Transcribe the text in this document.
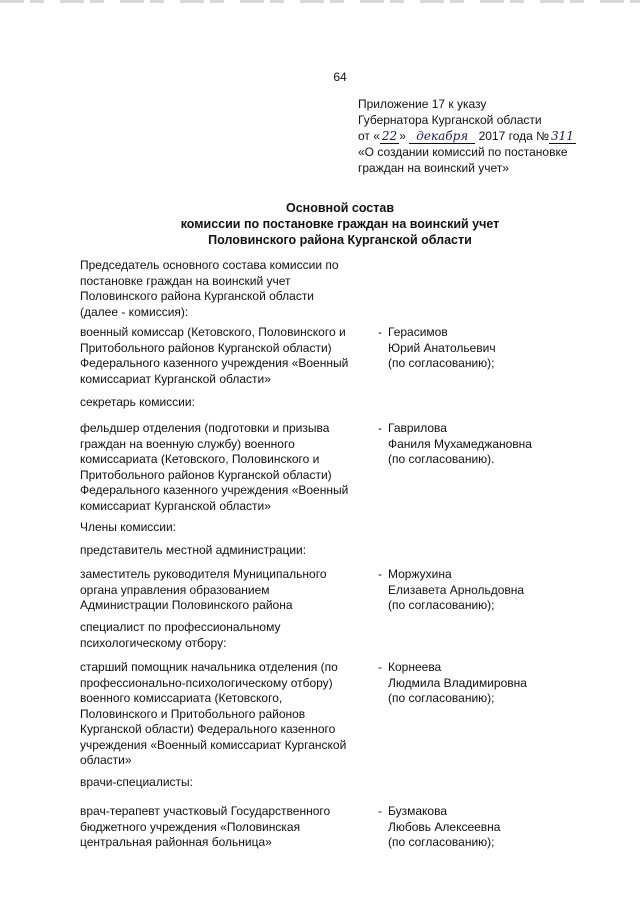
64
Приложение 17 к указу
Губернатора Курганской области
от « 22 » декабря 2017 года № 311
«О создании комиссий по постановке
граждан на воинский учет»
Основной состав
комиссии по постановке граждан на воинский учет
Половинского района Курганской области
Председатель основного состава комиссии по
постановке граждан на воинский учет
Половинского района Курганской области
(далее - комиссия):
военный комиссар (Кетовского, Половинского и
Притобольного районов Курганской области)
Федерального казенного учреждения «Военный
комиссариат Курганской области»
- Герасимов
Юрий Анатольевич
(по согласованию);
секретарь комиссии:
фельдшер отделения (подготовки и призыва
граждан на военную службу) военного
комиссариата (Кетовского, Половинского и
Притобольного районов Курганской области)
Федерального казенного учреждения «Военный
комиссариат Курганской области»
- Гаврилова
Фаниля Мухамеджановна
(по согласованию).
Члены комиссии:
представитель местной администрации:
заместитель руководителя Муниципального
органа управления образованием
Администрации Половинского района
- Моржухина
Елизавета Арнольдовна
(по согласованию);
специалист по профессиональному
психологическому отбору:
старший помощник начальника отделения (по
профессионально-психологическому отбору)
военного комиссариата (Кетовского,
Половинского и Притобольного районов
Курганской области) Федерального казенного
учреждения «Военный комиссариат Курганской
области»
- Корнеева
Людмила Владимировна
(по согласованию);
врачи-специалисты:
врач-терапевт участковый Государственного
бюджетного учреждения «Половинская
центральная районная больница»
- Бузмакова
Любовь Алексеевна
(по согласованию);
